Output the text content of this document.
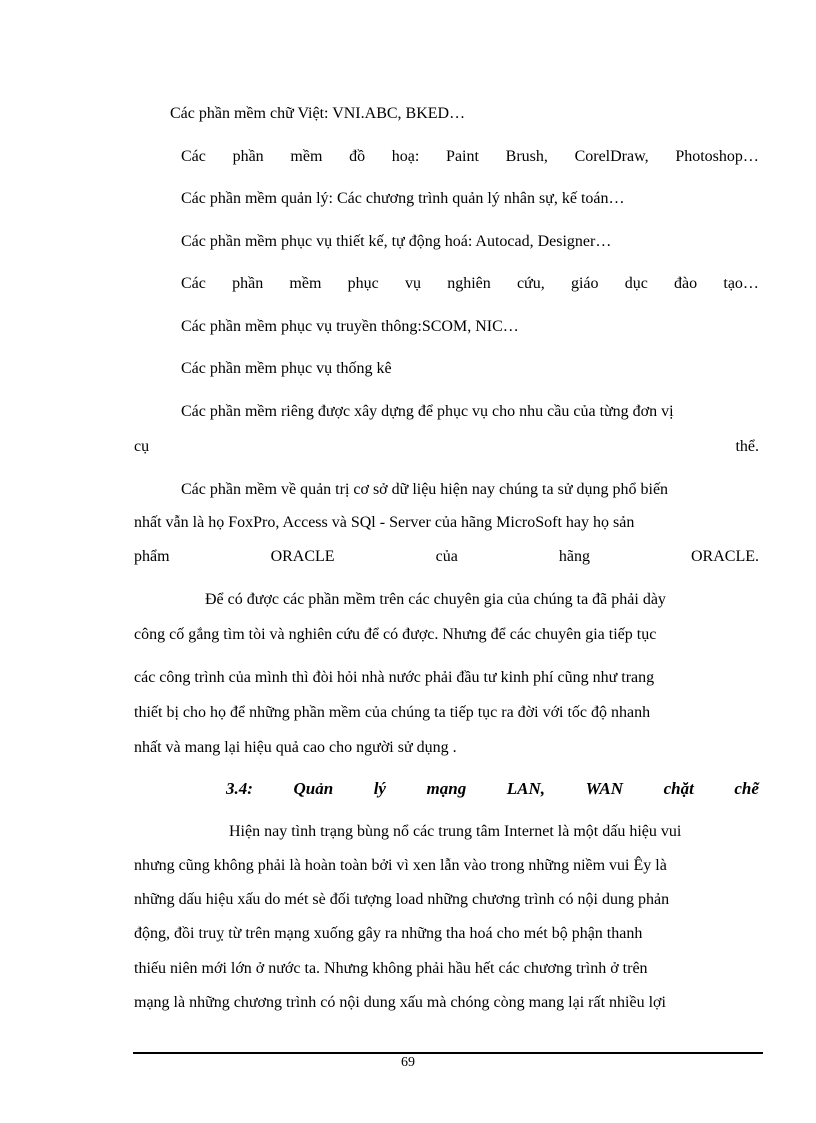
Các phần mềm chữ Việt: VNI.ABC, BKED…
Các phần mềm đồ hoạ: Paint Brush, CorelDraw, Photoshop…
Các phần mềm quản lý: Các chương trình quản lý nhân sự, kế toán…
Các phần mềm phục vụ thiết kế, tự động hoá: Autocad, Designer…
Các phần mềm phục vụ nghiên cứu, giáo dục đào tạo…
Các phần mềm phục vụ truyền thông:SCOM, NIC…
Các phần mềm phục vụ thống kê
Các phần mềm riêng được xây dựng để phục vụ cho nhu cầu của từng đơn vị
cụ	thể.
Các phần mềm về quản trị cơ sở dữ liệu hiện nay chúng ta sử dụng phổ biến
nhất vẫn là họ FoxPro, Access và SQl - Server của hãng MicroSoft hay họ sản
phẩm	ORACLE	của	hãng	ORACLE.
Để có được các phần mềm trên các chuyên gia của chúng ta đã phải dày
công cố gắng tìm tòi và nghiên cứu để có được. Nhưng để các chuyên gia tiếp tục
các công trình của mình thì đòi hỏi nhà nước phải đầu tư kinh phí cũng như trang
thiết bị cho họ để những phần mềm của chúng ta tiếp tục ra đời với tốc độ nhanh
nhất và mang lại hiệu quả cao cho người sử dụng .
3.4: Quản lý mạng LAN, WAN chặt chẽ
Hiện nay tình trạng bùng nổ các trung tâm Internet là một dấu hiệu vui
nhưng cũng không phải là hoàn toàn bởi vì xen lẫn vào trong những niềm vui Êy là
những dấu hiệu xấu do mét sè đối tượng load những chương trình có nội dung phản
động, đồi truỵ từ trên mạng xuống gây ra những tha hoá cho mét bộ phận thanh
thiếu niên mới lớn ở nước ta. Nhưng không phải hầu hết các chương trình ở trên
mạng là những chương trình có nội dung xấu mà chóng còng mang lại rất nhiều lợi
69
